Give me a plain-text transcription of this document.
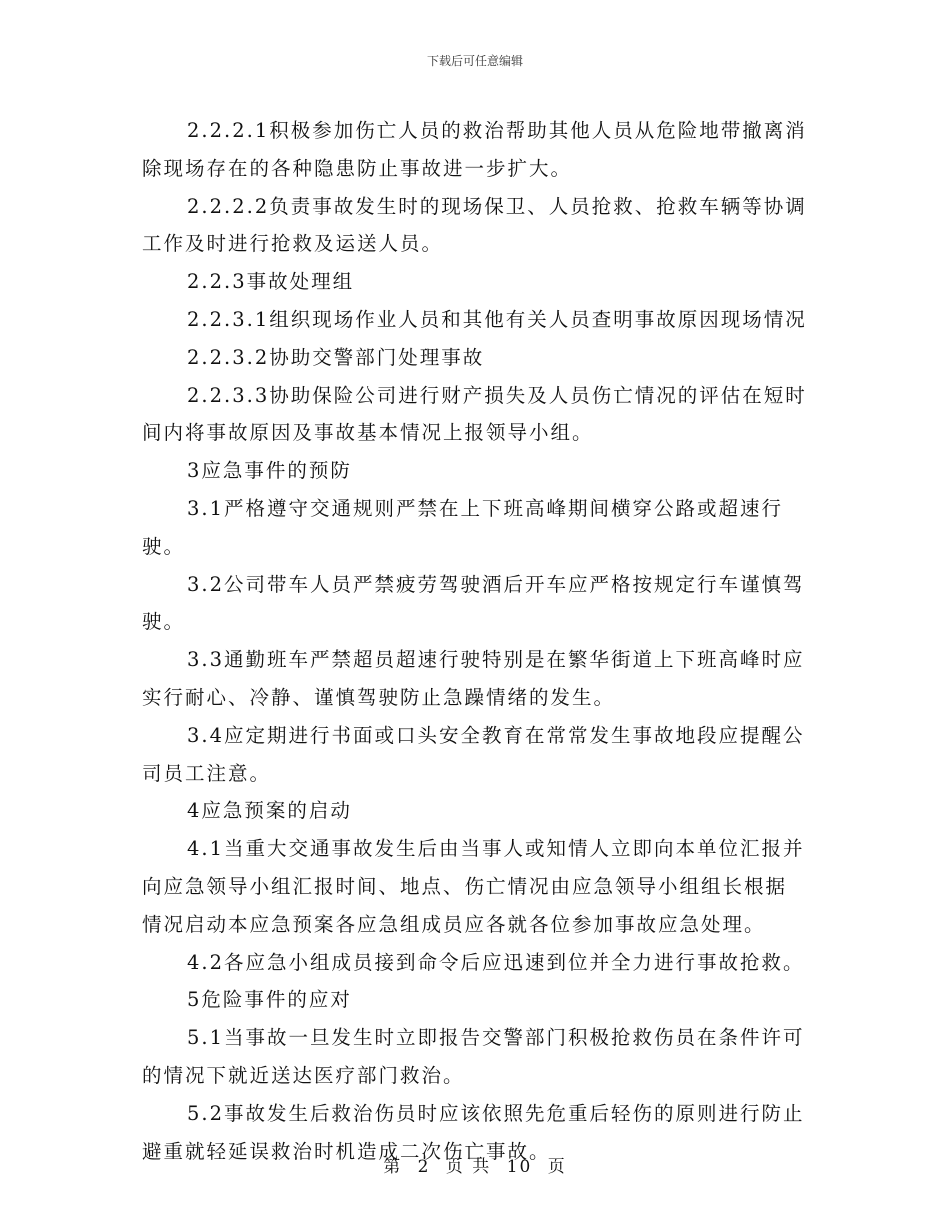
下载后可任意编辑

2.2.2.1积极参加伤亡人员的救治帮助其他人员从危险地带撤离消
除现场存在的各种隐患防止事故进一步扩大。

2.2.2.2负责事故发生时的现场保卫、人员抢救、抢救车辆等协调
工作及时进行抢救及运送人员。

2.2.3事故处理组

2.2.3.1组织现场作业人员和其他有关人员查明事故原因现场情况

2.2.3.2协助交警部门处理事故

2.2.3.3协助保险公司进行财产损失及人员伤亡情况的评估在短时
间内将事故原因及事故基本情况上报领导小组。

3应急事件的预防

3.1严格遵守交通规则严禁在上下班高峰期间横穿公路或超速行驶。

3.2公司带车人员严禁疲劳驾驶酒后开车应严格按规定行车谨慎驾
驶。

3.3通勤班车严禁超员超速行驶特别是在繁华街道上下班高峰时应
实行耐心、冷静、谨慎驾驶防止急躁情绪的发生。

3.4应定期进行书面或口头安全教育在常常发生事故地段应提醒公
司员工注意。

4应急预案的启动

4.1当重大交通事故发生后由当事人或知情人立即向本单位汇报并
向应急领导小组汇报时间、地点、伤亡情况由应急领导小组组长根据
情况启动本应急预案各应急组成员应各就各位参加事故应急处理。

4.2各应急小组成员接到命令后应迅速到位并全力进行事故抢救。

5危险事件的应对

5.1当事故一旦发生时立即报告交警部门积极抢救伤员在条件许可
的情况下就近送达医疗部门救治。

5.2事故发生后救治伤员时应该依照先危重后轻伤的原则进行防止
避重就轻延误救治时机造成二次伤亡事故。

第 2 页 共 10 页
